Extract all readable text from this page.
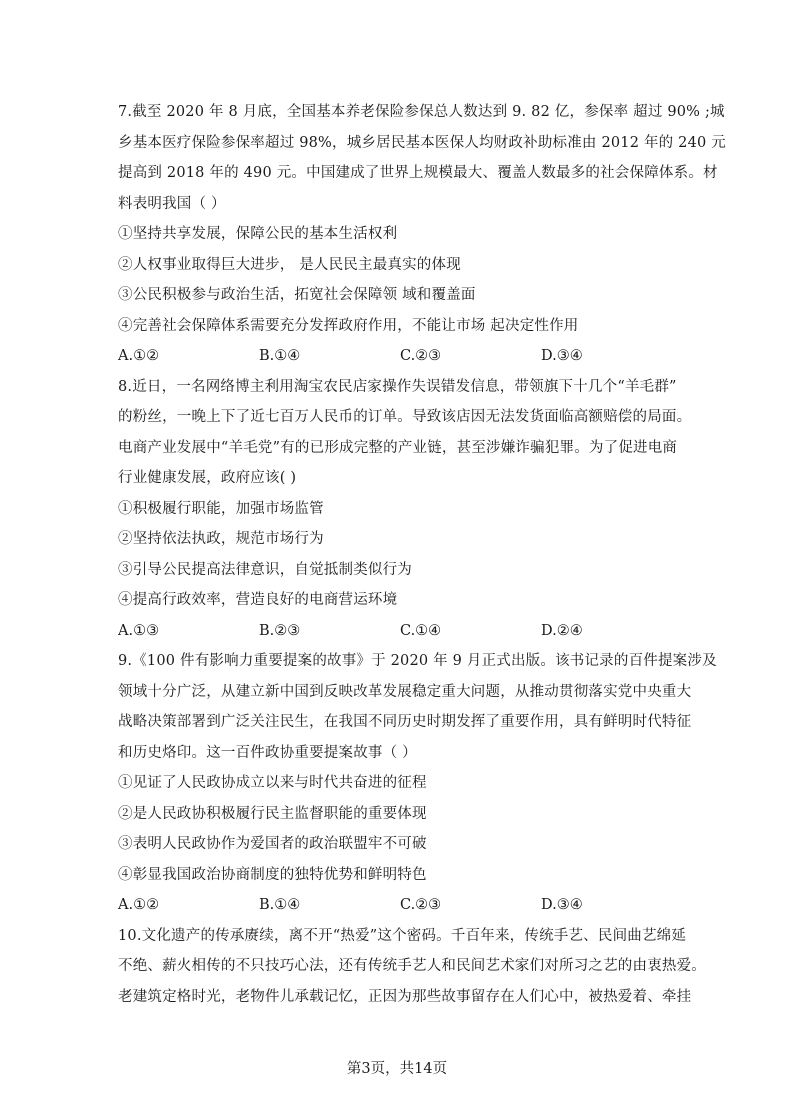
7.截至 2020 年 8 月底，全国基本养老保险参保总人数达到 9. 82 亿，参保率 超过 90% ;城
乡基本医疗保险参保率超过 98%，城乡居民基本医保人均财政补助标准由 2012 年的 240 元
提高到 2018 年的 490 元。中国建成了世界上规模最大、覆盖人数最多的社会保障体系。材
料表明我国（ ）
①坚持共享发展，保障公民的基本生活权利
②人权事业取得巨大进步， 是人民民主最真实的体现
③公民积极参与政治生活，拓宽社会保障领 域和覆盖面
④完善社会保障体系需要充分发挥政府作用，不能让市场 起决定性作用
A.①②	B.①④	C.②③	D.③④
8.近日，一名网络博主利用淘宝农民店家操作失误错发信息，带领旗下十几个“羊毛群”
的粉丝，一晚上下了近七百万人民币的订单。导致该店因无法发货面临高额赔偿的局面。
电商产业发展中“羊毛党”有的已形成完整的产业链，甚至涉嫌诈骗犯罪。为了促进电商
行业健康发展，政府应该( )
①积极履行职能，加强市场监管
②坚持依法执政，规范市场行为
③引导公民提高法律意识，自觉抵制类似行为
④提高行政效率，营造良好的电商营运环境
A.①③	B.②③	C.①④	D.②④
9.《100 件有影响力重要提案的故事》于 2020 年 9 月正式出版。该书记录的百件提案涉及
领域十分广泛，从建立新中国到反映改革发展稳定重大问题，从推动贯彻落实党中央重大
战略决策部署到广泛关注民生，在我国不同历史时期发挥了重要作用，具有鲜明时代特征
和历史烙印。这一百件政协重要提案故事（ ）
①见证了人民政协成立以来与时代共奋进的征程
②是人民政协积极履行民主监督职能的重要体现
③表明人民政协作为爱国者的政治联盟牢不可破
④彰显我国政治协商制度的独特优势和鲜明特色
A.①②	B.①④	C.②③	D.③④
10.文化遗产的传承赓续，离不开“热爱”这个密码。千百年来，传统手艺、民间曲艺绵延
不绝、薪火相传的不只技巧心法，还有传统手艺人和民间艺术家们对所习之艺的由衷热爱。
老建筑定格时光，老物件儿承载记忆，正因为那些故事留存在人们心中，被热爱着、牵挂
第3页，共14页
